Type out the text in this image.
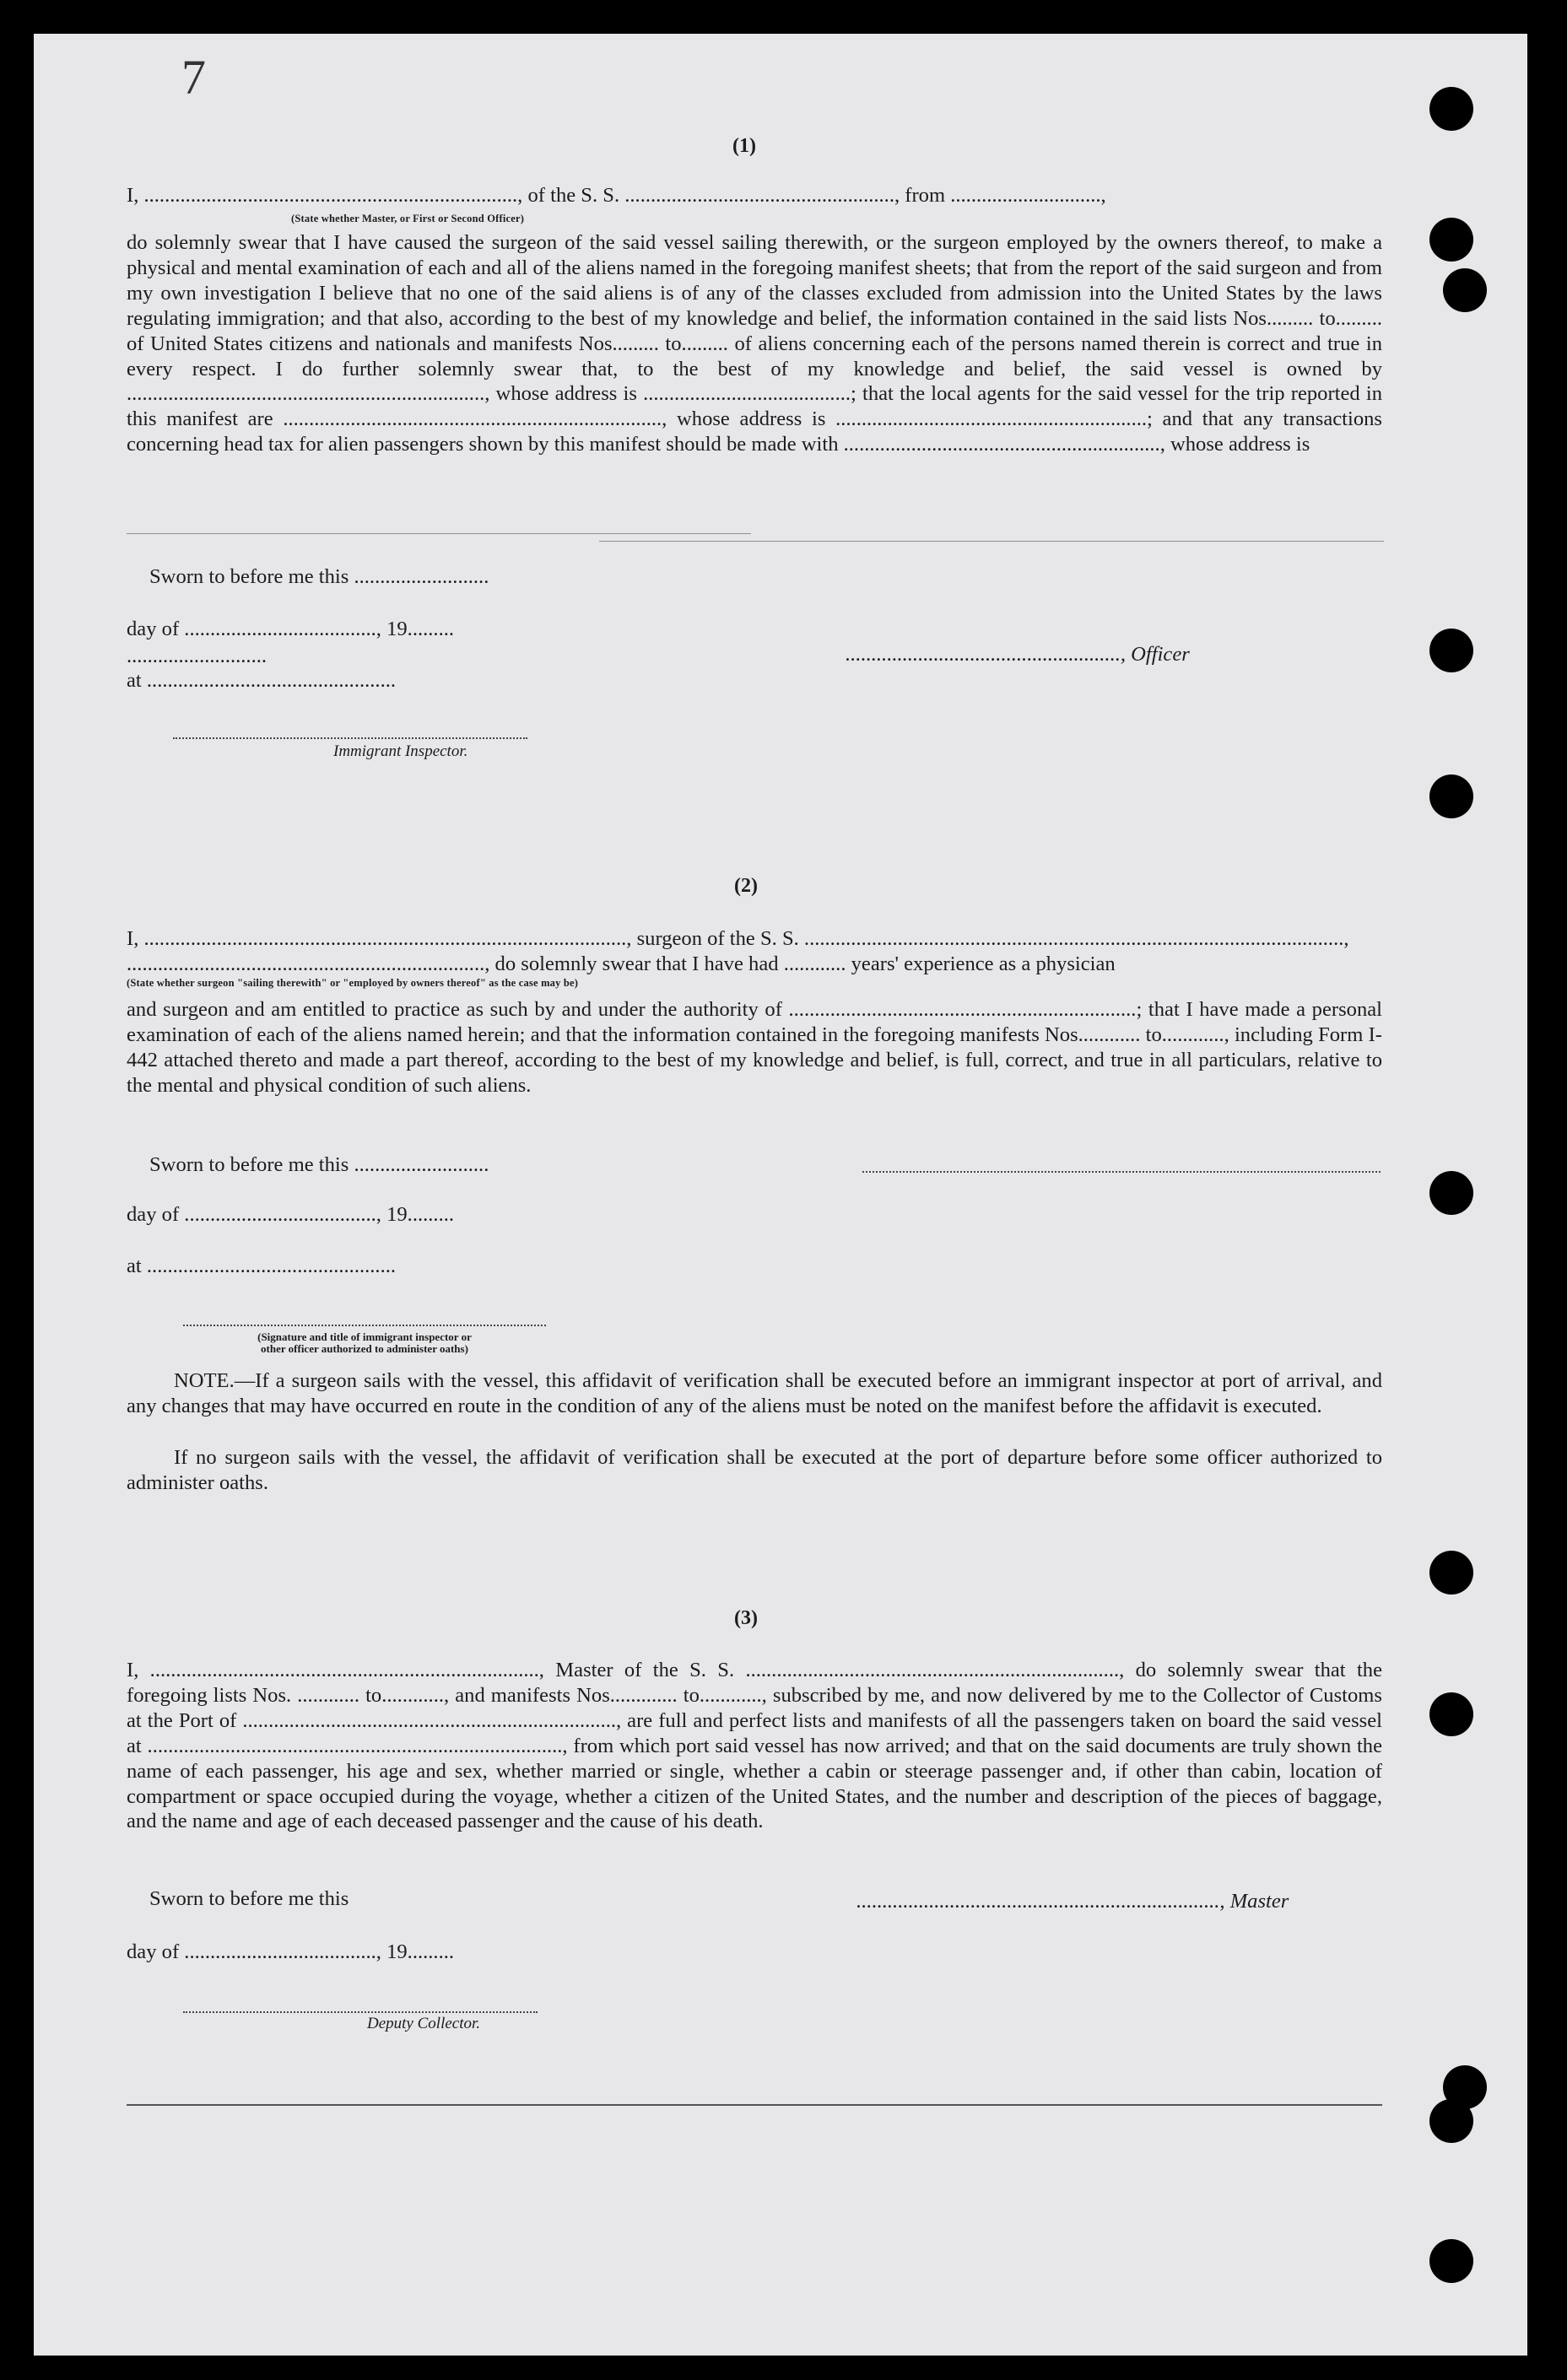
7

(1)
I, ........................................................................, of the S. S. ...................................................., from .............................,
(State whether Master, or First or Second Officer)
do solemnly swear that I have caused the surgeon of the said vessel sailing therewith, or the surgeon employed by the owners thereof, to make a physical and mental examination of each and all of the aliens named in the foregoing manifest sheets; that from the report of the said surgeon and from my own investigation I believe that no one of the said aliens is of any of the classes excluded from admission into the United States by the laws regulating immigration; and that also, according to the best of my knowledge and belief, the information contained in the said lists Nos......... to......... of United States citizens and nationals and manifests Nos......... to......... of aliens concerning each of the persons named therein is correct and true in every respect. I do further solemnly swear that, to the best of my knowledge and belief, the said vessel is owned by ....................................................................., whose address is ........................................; that the local agents for the said vessel for the trip reported in this manifest are ........................................................................., whose address is ............................................................; and that any transactions concerning head tax for alien passengers shown by this manifest should be made with ............................................................., whose address is
Sworn to before me this ..........................
day of ....................................., 19.........
...........................
at ................................................
Immigrant Inspector.
....................................................., Officer
(2)
I, ............................................................................................., surgeon of the S. S. ........................................................................................................,
....................................................................., do solemnly swear that I have had ............ years' experience as a physician
(State whether surgeon "sailing therewith" or "employed by owners thereof" as the case may be)
and surgeon and am entitled to practice as such by and under the authority of ...................................................................; that I have made a personal examination of each of the aliens named herein; and that the information contained in the foregoing manifests Nos............ to............, including Form I-442 attached thereto and made a part thereof, according to the best of my knowledge and belief, is full, correct, and true in all particulars, relative to the mental and physical condition of such aliens.
Sworn to before me this ..........................
day of ....................................., 19.........
at ................................................
(Signature and title of immigrant inspector or
other officer authorized to administer oaths)
NOTE.—If a surgeon sails with the vessel, this affidavit of verification shall be executed before an immigrant inspector at port of arrival, and any changes that may have occurred en route in the condition of any of the aliens must be noted on the manifest before the affidavit is executed.
If no surgeon sails with the vessel, the affidavit of verification shall be executed at the port of departure before some officer authorized to administer oaths.
(3)
I, ..........................................................................., Master of the S. S. ........................................................................, do solemnly swear that the foregoing lists Nos. ............ to............, and manifests Nos............. to............, subscribed by me, and now delivered by me to the Collector of Customs at the Port of ........................................................................, are full and perfect lists and manifests of all the passengers taken on board the said vessel at ................................................................................, from which port said vessel has now arrived; and that on the said documents are truly shown the name of each passenger, his age and sex, whether married or single, whether a cabin or steerage passenger and, if other than cabin, location of compartment or space occupied during the voyage, whether a citizen of the United States, and the number and description of the pieces of baggage, and the name and age of each deceased passenger and the cause of his death.
Sworn to before me this	......................................................................, Master
day of ....................................., 19.........
Deputy Collector.
